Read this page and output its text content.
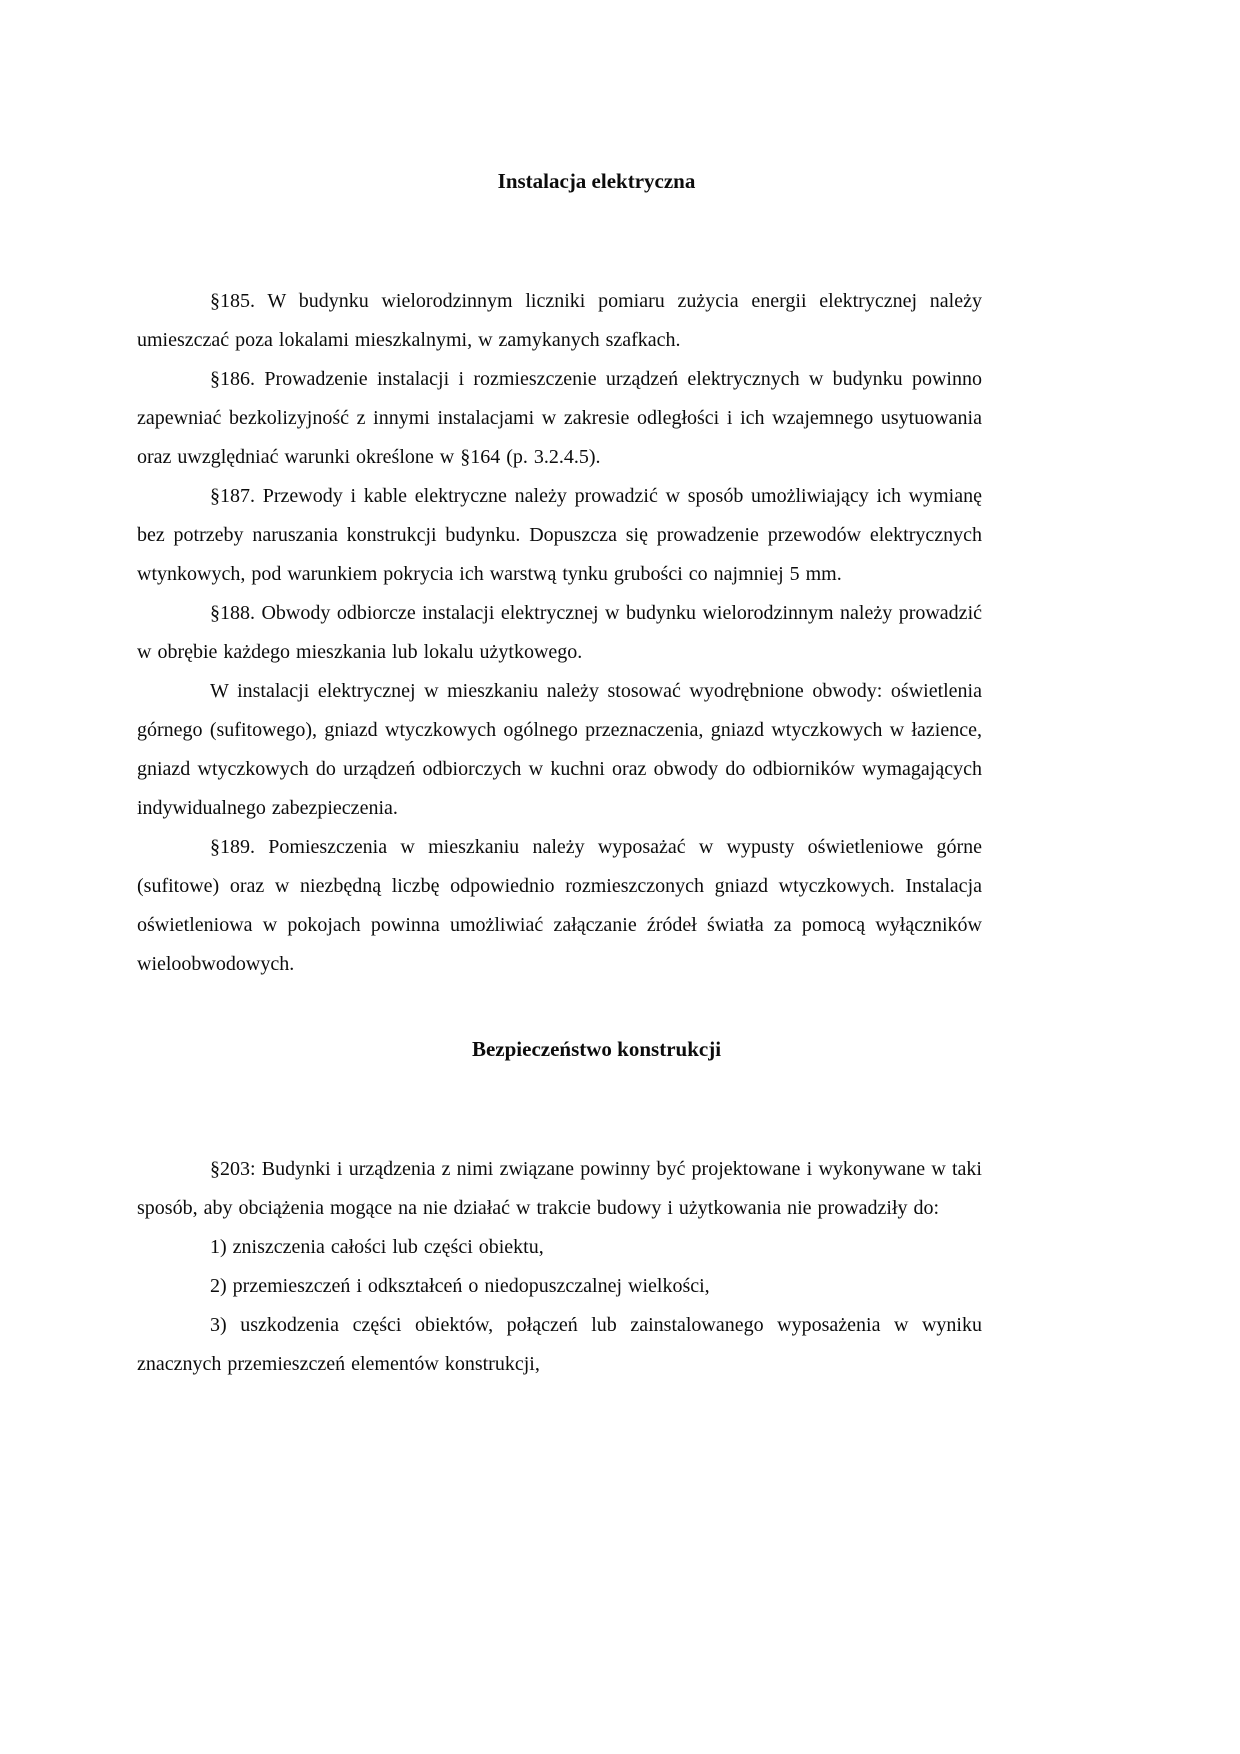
Instalacja elektryczna

§185. W budynku wielorodzinnym liczniki pomiaru zużycia energii elektrycznej należy umieszczać poza lokalami mieszkalnymi, w zamykanych szafkach.

§186. Prowadzenie instalacji i rozmieszczenie urządzeń elektrycznych w budynku powinno zapewniać bezkolizyjność z innymi instalacjami w zakresie odległości i ich wzajemnego usytuowania oraz uwzględniać warunki określone w §164 (p. 3.2.4.5).

§187. Przewody i kable elektryczne należy prowadzić w sposób umożliwiający ich wymianę bez potrzeby naruszania konstrukcji budynku. Dopuszcza się prowadzenie przewodów elektrycznych wtynkowych, pod warunkiem pokrycia ich warstwą tynku grubości co najmniej 5 mm.

§188. Obwody odbiorcze instalacji elektrycznej w budynku wielorodzinnym należy prowadzić w obrębie każdego mieszkania lub lokalu użytkowego.

W instalacji elektrycznej w mieszkaniu należy stosować wyodrębnione obwody: oświetlenia górnego (sufitowego), gniazd wtyczkowych ogólnego przeznaczenia, gniazd wtyczkowych w łazience, gniazd wtyczkowych do urządzeń odbiorczych w kuchni oraz obwody do odbiorników wymagających indywidualnego zabezpieczenia.

§189. Pomieszczenia w mieszkaniu należy wyposażać w wypusty oświetleniowe górne (sufitowe) oraz w niezbędną liczbę odpowiednio rozmieszczonych gniazd wtyczkowych. Instalacja oświetleniowa w pokojach powinna umożliwiać załączanie źródeł światła za pomocą wyłączników wieloobwodowych.

Bezpieczeństwo konstrukcji

§203: Budynki i urządzenia z nimi związane powinny być projektowane i wykonywane w taki sposób, aby obciążenia mogące na nie działać w trakcie budowy i użytkowania nie prowadziły do:

1) zniszczenia całości lub części obiektu,

2) przemieszczeń i odkształceń o niedopuszczalnej wielkości,

3) uszkodzenia części obiektów, połączeń lub zainstalowanego wyposażenia w wyniku znacznych przemieszczeń elementów konstrukcji,
